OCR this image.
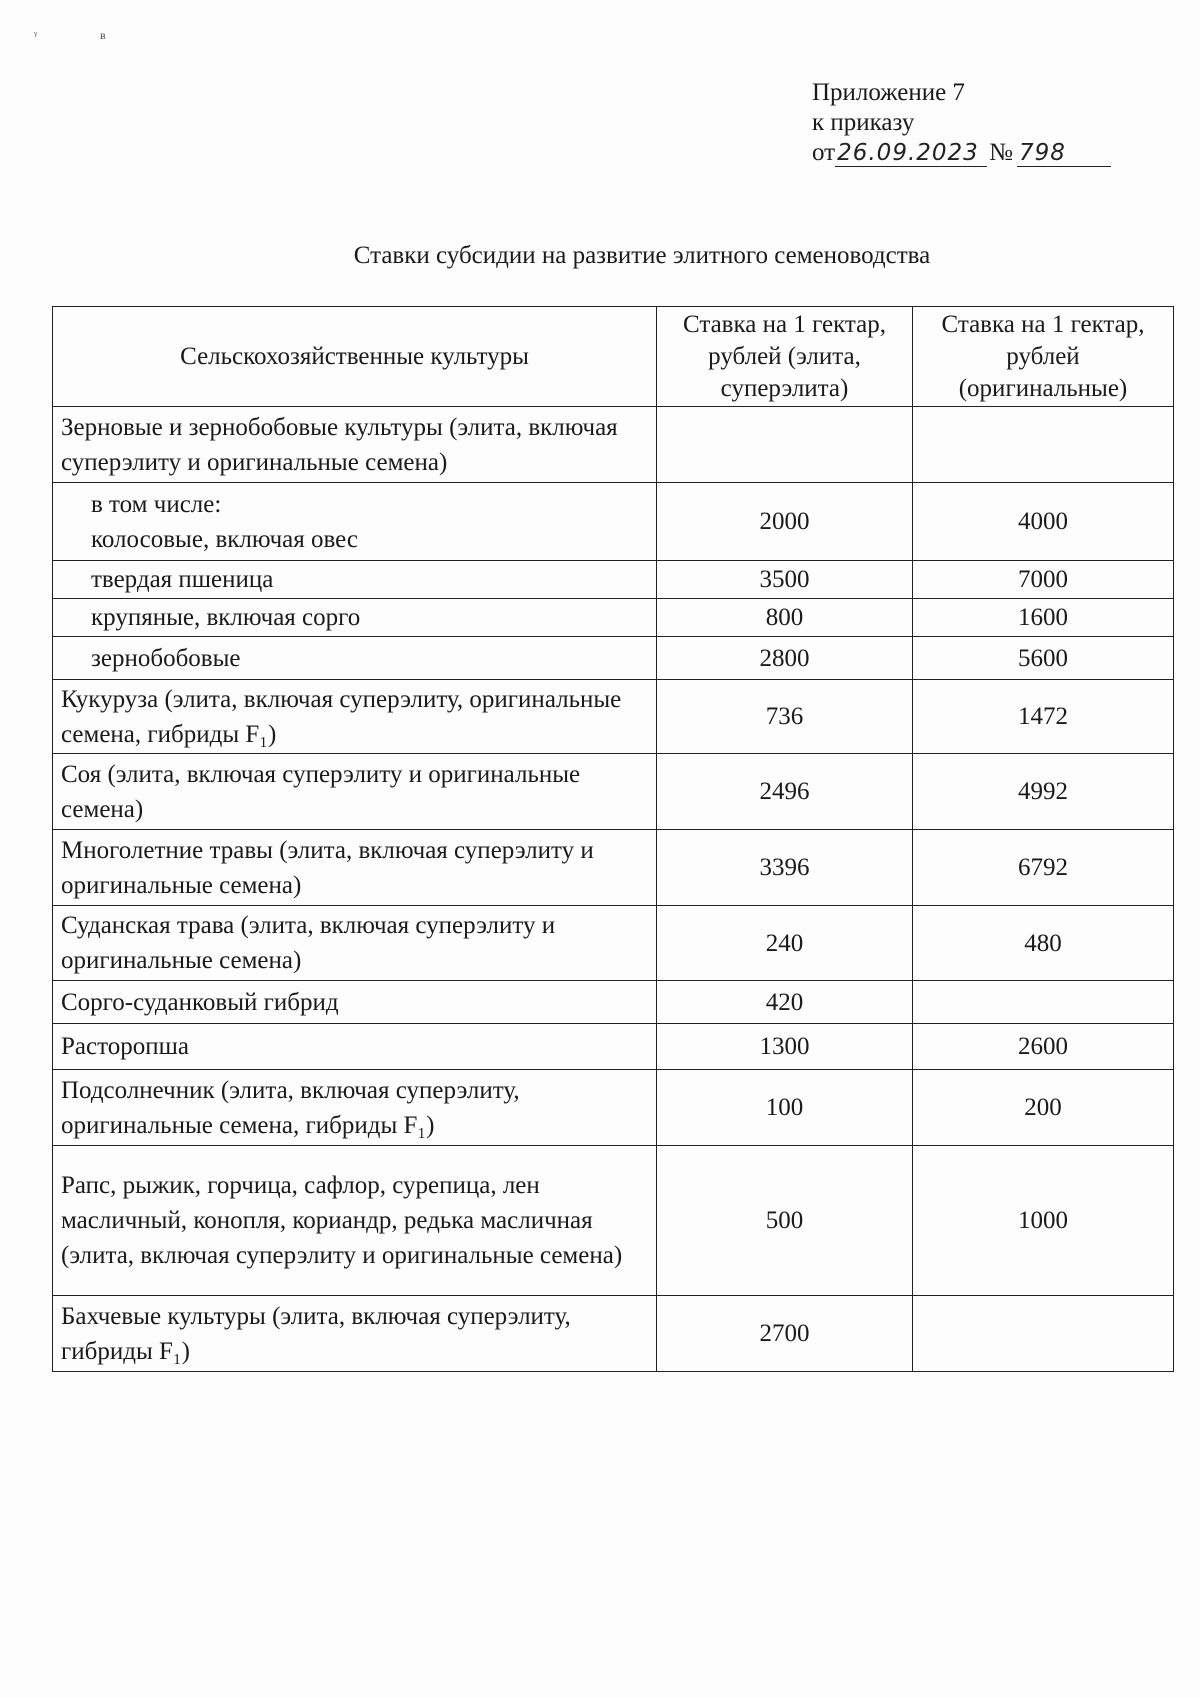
ᵞ	ʙ
Приложение 7
к приказу
от26.09.2023 № 798
Ставки субсидии на развитие элитного семеноводства
Сельскохозяйственные культуры	Ставка на 1 гектар, рублей (элита, суперэлита)	Ставка на 1 гектар, рублей (оригинальные)
Зерновые и зернобобовые культуры (элита, включая суперэлиту и оригинальные семена)		
в том числе:
колосовые, включая овес	2000	4000
твердая пшеница	3500	7000
крупяные, включая сорго	800	1600
зернобобовые	2800	5600
Кукуруза (элита, включая суперэлиту, оригинальные семена, гибриды F₁)	736	1472
Соя (элита, включая суперэлиту и оригинальные семена)	2496	4992
Многолетние травы (элита, включая суперэлиту и оригинальные семена)	3396	6792
Суданская трава (элита, включая суперэлиту и оригинальные семена)	240	480
Сорго-суданковый гибрид	420	
Расторопша	1300	2600
Подсолнечник (элита, включая суперэлиту, оригинальные семена, гибриды F₁)	100	200
Рапс, рыжик, горчица, сафлор, сурепица, лен масличный, конопля, кориандр, редька масличная (элита, включая суперэлиту и оригинальные семена)	500	1000
Бахчевые культуры (элита, включая суперэлиту, гибриды F₁)	2700	
